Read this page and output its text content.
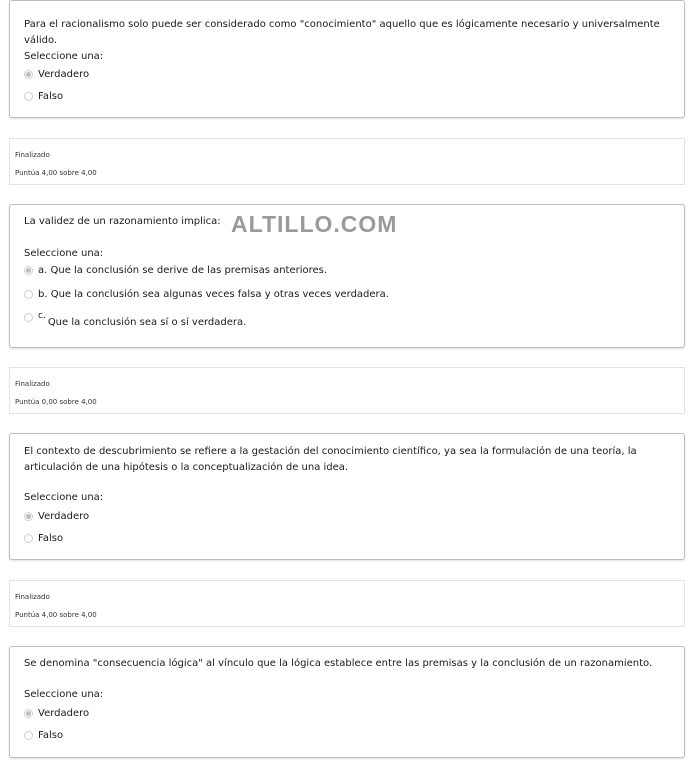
Para el racionalismo solo puede ser considerado como "conocimiento" aquello que es lógicamente necesario y universalmente válido.
Seleccione una:
Verdadero
Falso
Finalizado
Puntúa 4,00 sobre 4,00
La validez de un razonamiento implica:
Seleccione una:
a. Que la conclusión se derive de las premisas anteriores.
b. Que la conclusión sea algunas veces falsa y otras veces verdadera.
c.
Que la conclusión sea sí o sí verdadera.
ALTILLO.COM
Finalizado
Puntúa 0,00 sobre 4,00
El contexto de descubrimiento se refiere a la gestación del conocimiento científico, ya sea la formulación de una teoría, la articulación de una hipótesis o la conceptualización de una idea.
Seleccione una:
Verdadero
Falso
Finalizado
Puntúa 4,00 sobre 4,00
Se denomina "consecuencia lógica" al vínculo que la lógica establece entre las premisas y la conclusión de un razonamiento.
Seleccione una:
Verdadero
Falso
